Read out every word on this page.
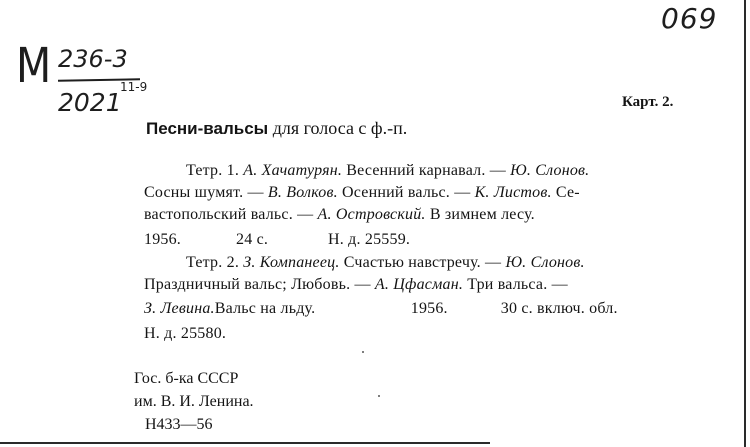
069
M 236-3
2021
11-9
Карт. 2.
Песни-вальсы для голоса с ф.-п.
Тетр. 1. А. Хачатурян. Весенний карнавал. — Ю. Слонов.
Сосны шумят. — В. Волков. Осенний вальс. — К. Листов. Се-
вастопольский вальс. — А. Островский. В зимнем лесу.
1956.	24 с.	Н. д. 25559.
Тетр. 2. З. Компанеец. Счастью навстречу. — Ю. Слонов.
Праздничный вальс; Любовь. — А. Цфасман. Три вальса. —
З. Левина.Вальс на льду.	1956.	30 с. включ. обл.
Н. д. 25580.
Гос. б-ка СССР
им. В. И. Ленина.
Н433—56
